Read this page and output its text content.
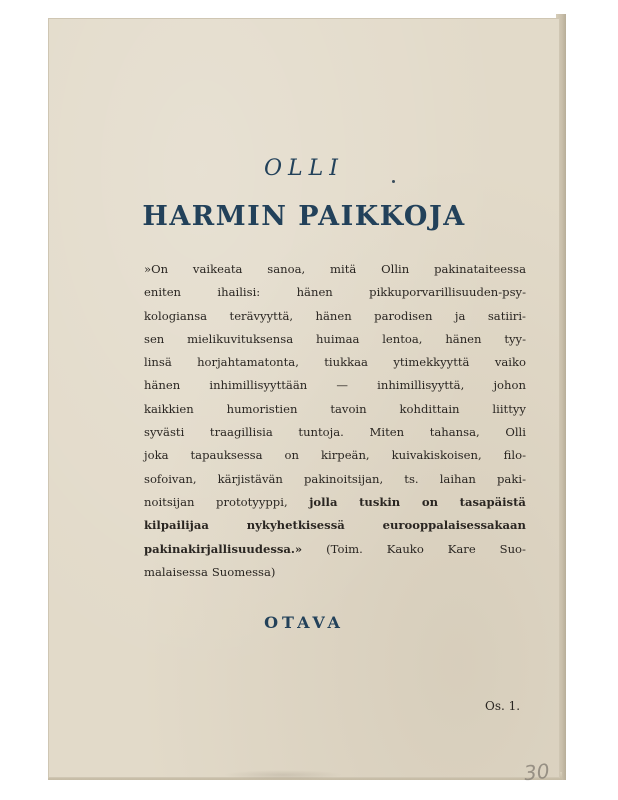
OLLI
HARMIN PAIKKOJA
»On vaikeata sanoa, mitä Ollin pakinataiteessa
eniten	ihailisi:	hänen	pikkuporvarillisuuden-psy-
kologiansa terävyyttä, hänen parodisen ja satiiri-
sen mielikuvituksensa huimaa lentoa, hänen tyy-
linsä horjahtamatonta, tiukkaa ytimekkyyttä vaiko
hänen	inhimillisyyttään	—	inhimillisyyttä,	johon
kaikkien	humoristien	tavoin	kohdittain	liittyy
syvästi traagillisia tuntoja. Miten tahansa, Olli
joka tapauksessa on kirpeän, kuivakiskoisen, filo-
sofoivan, kärjistävän pakinoitsijan, ts. laihan paki-
noitsijan prototyyppi, jolla tuskin on tasapäistä
kilpailijaa	nykyhetkisessä	eurooppalaisessakaan
pakinakirjallisuudessa.» (Toim. Kauko Kare Suo-
malaisessa Suomessa)
OTAVA
Os. 1.
30
